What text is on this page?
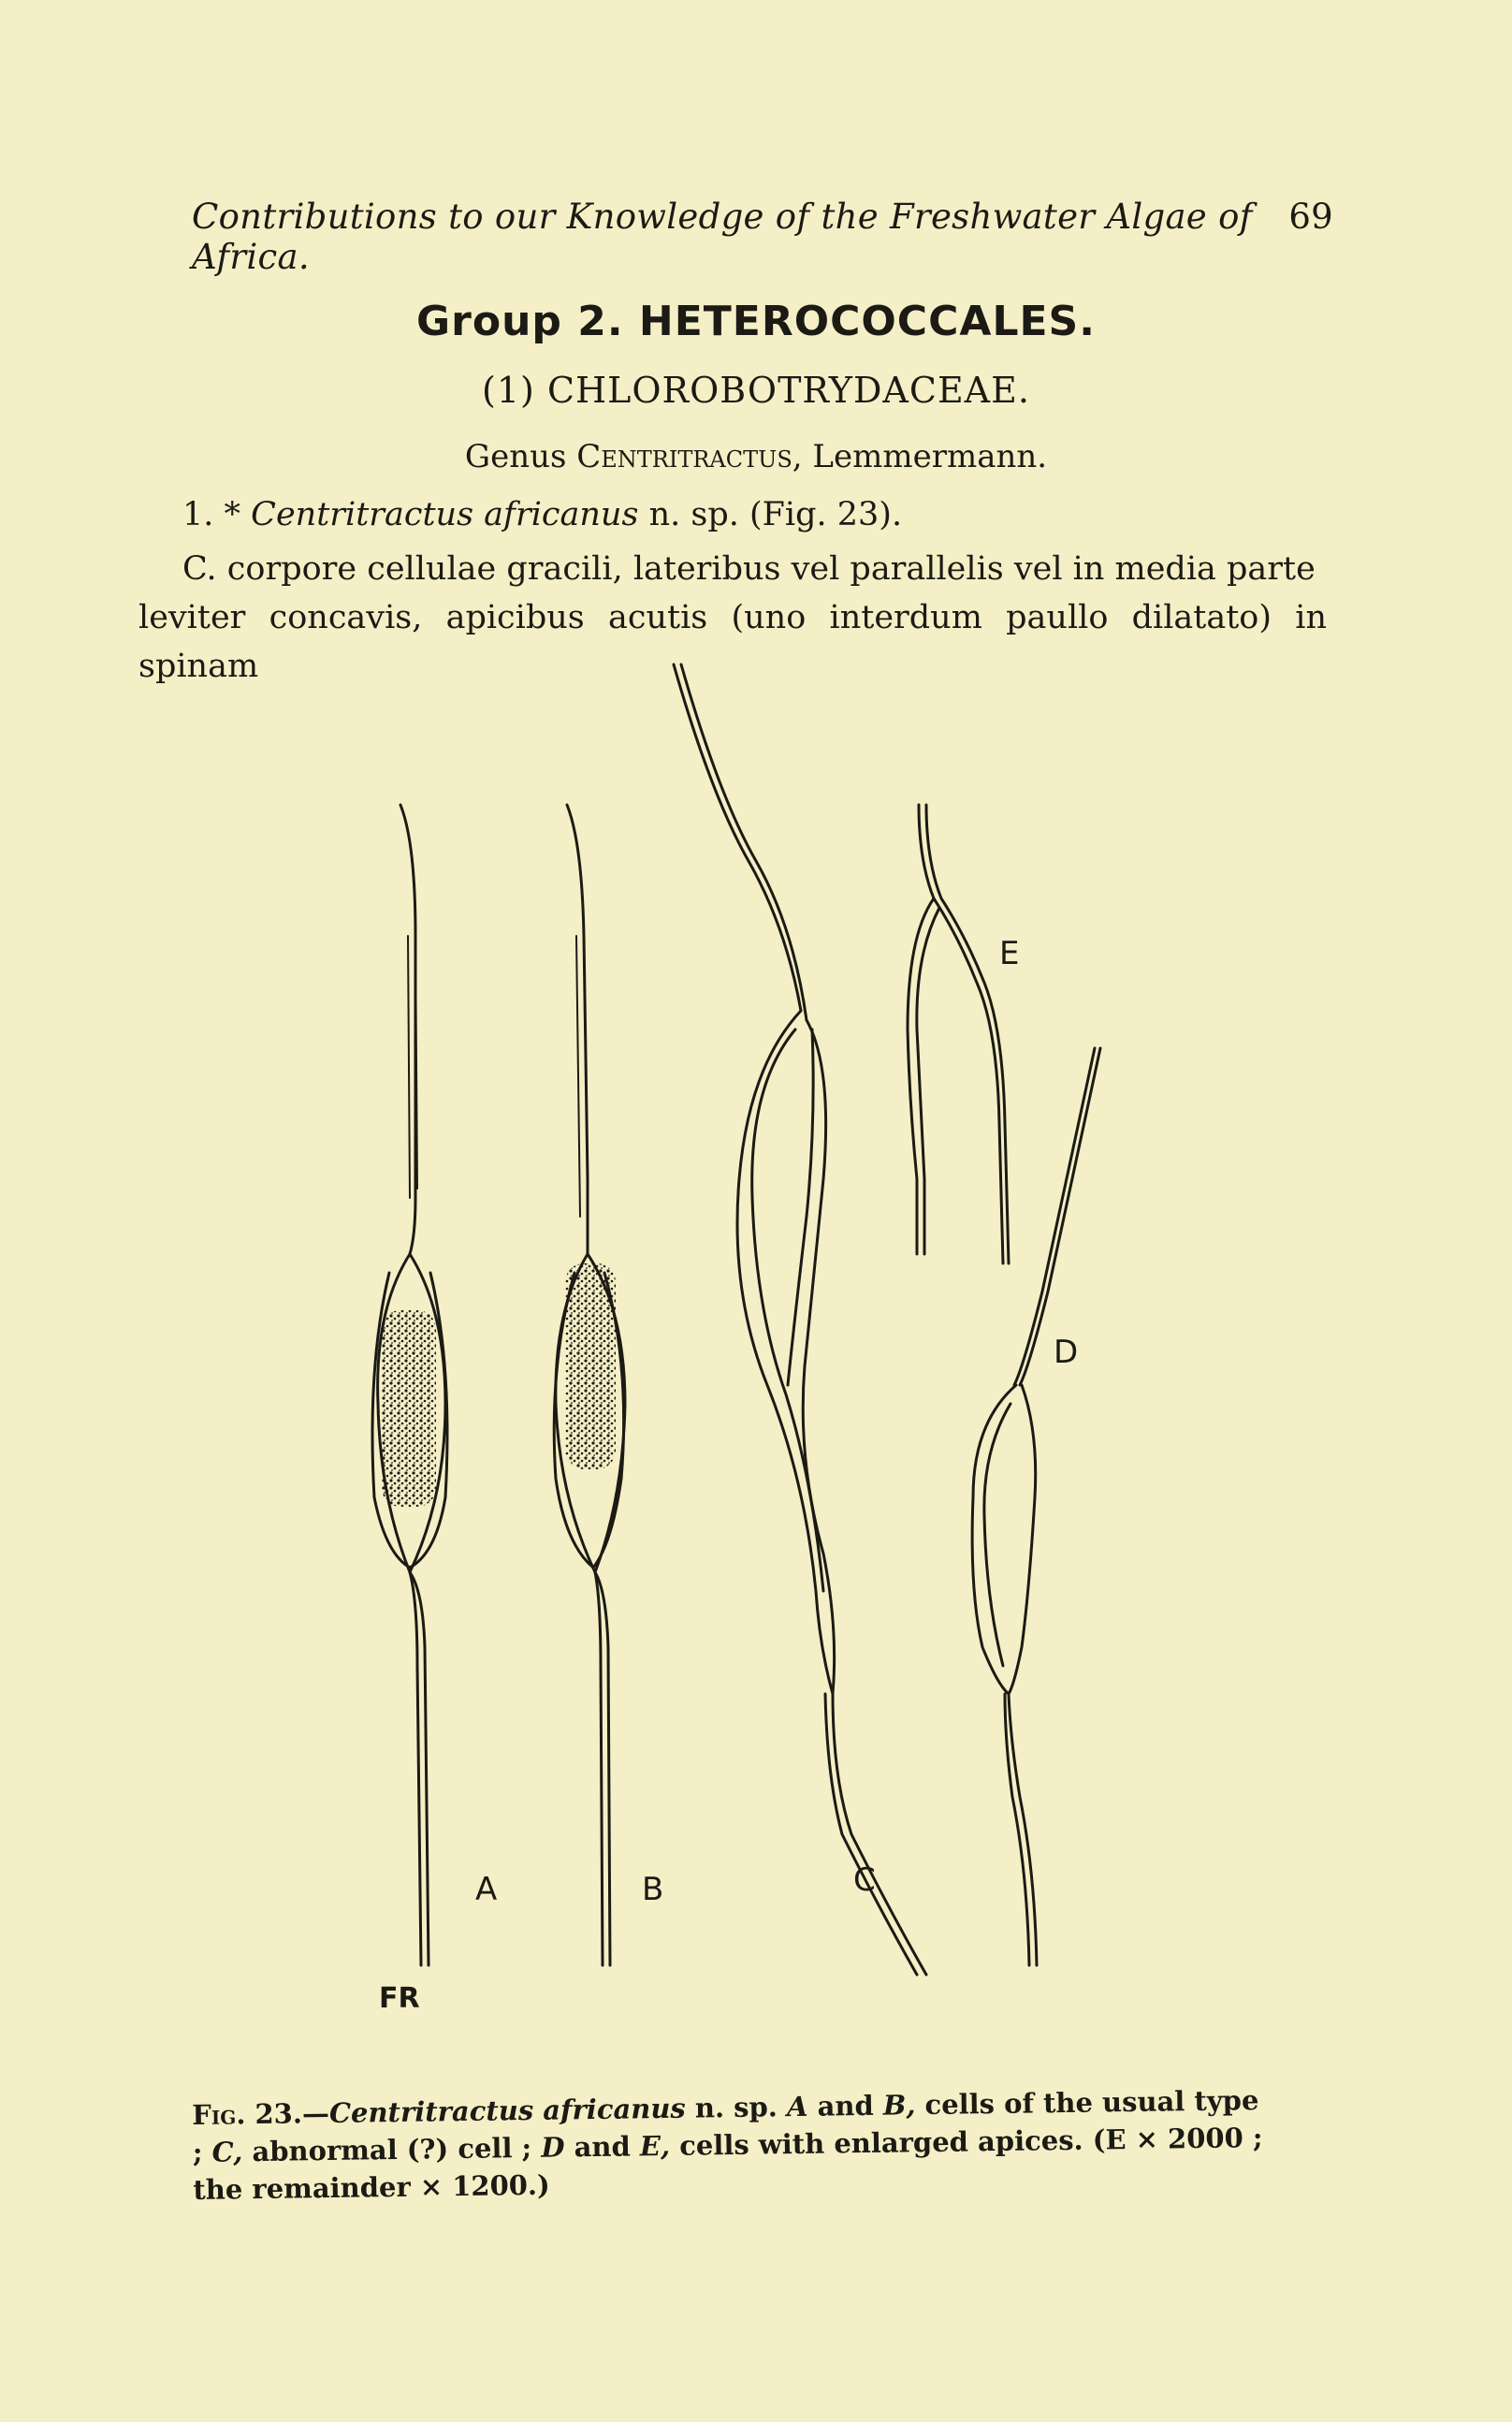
Contributions to our Knowledge of the Freshwater Algae of Africa.
69
Group 2. HETEROCOCCALES.
(1) CHLOROBOTRYDACEAE.
Genus Centritractus, Lemmermann.
1. * Centritractus africanus n. sp. (Fig. 23).
C. corpore cellulae gracili, lateribus vel parallelis vel in media parte
leviter concavis, apicibus acutis (uno interdum paullo dilatato) in spinam
A	B	C
D
E
FR
Fig. 23.—Centritractus africanus n. sp. A and B, cells of the usual type ; C, abnormal (?) cell ; D and E, cells with enlarged apices. (E × 2000 ; the remainder × 1200.)
